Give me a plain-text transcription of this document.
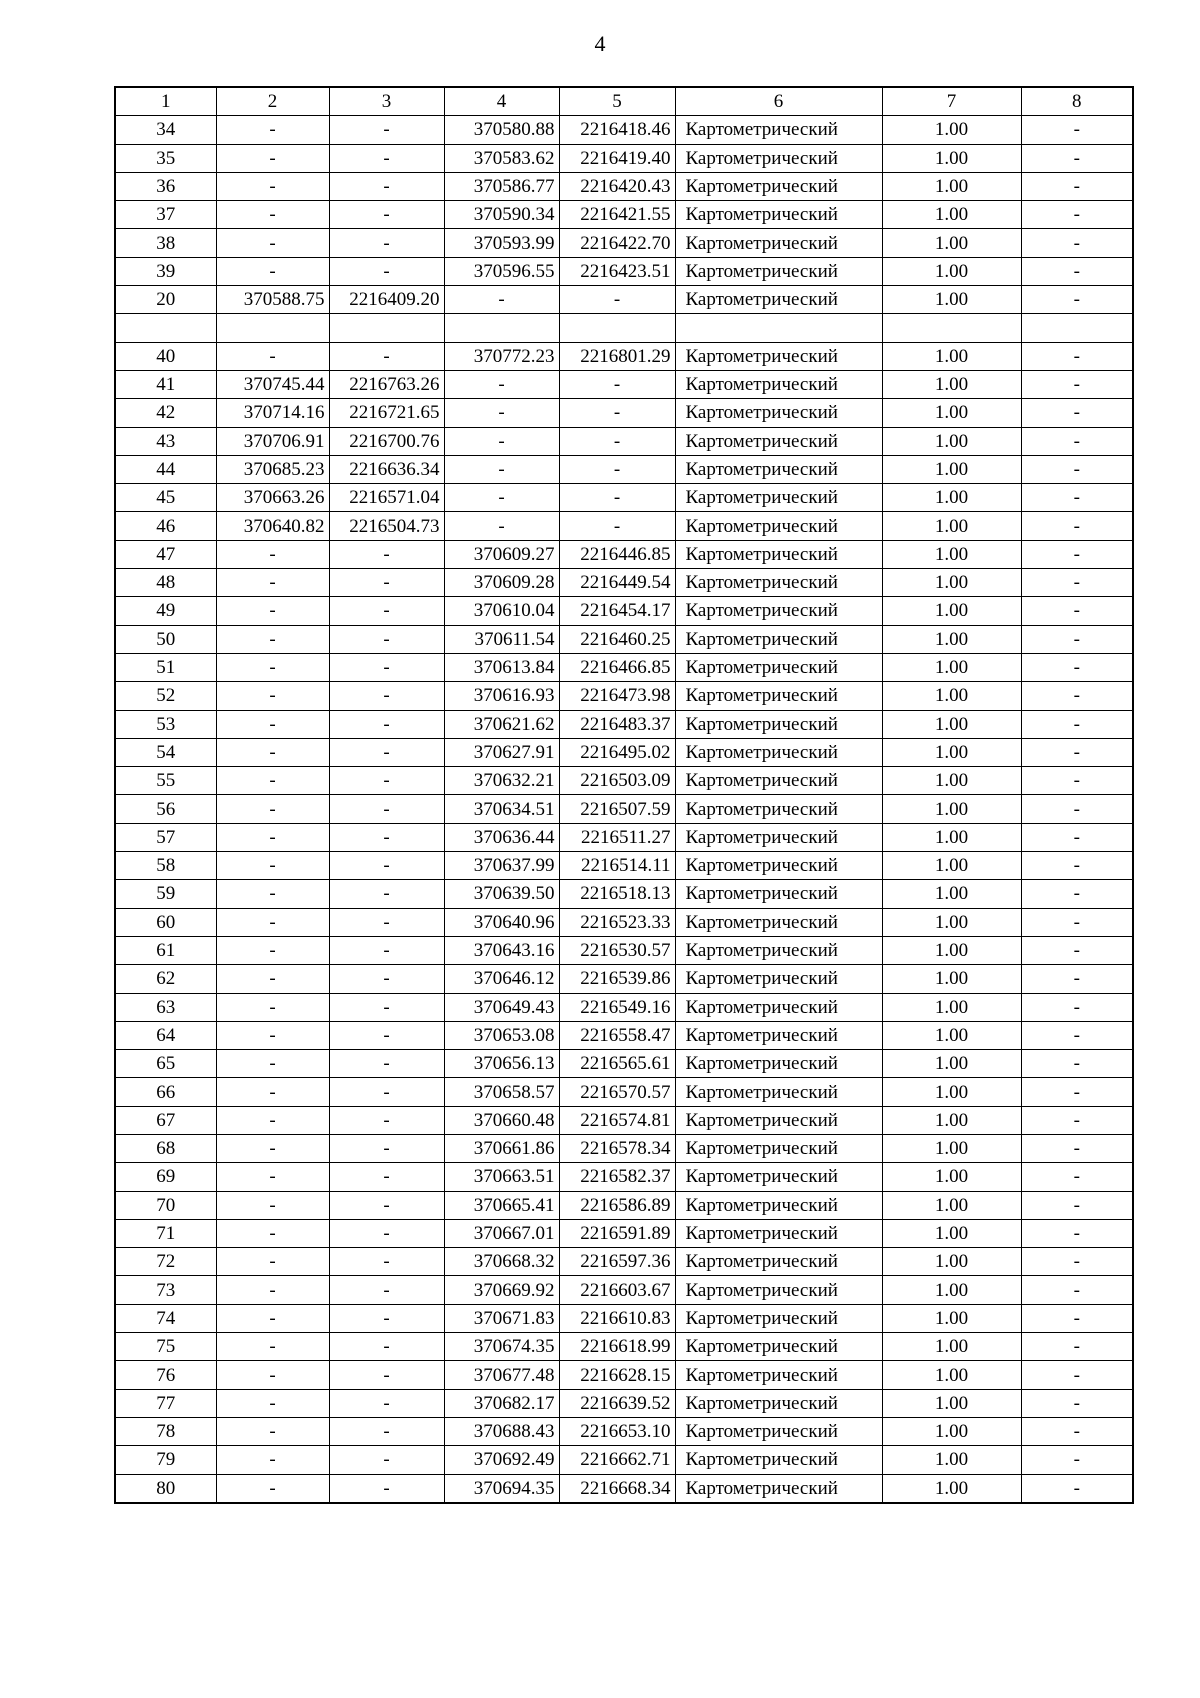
4
1	2	3	4	5	6	7	8
34	-	-	370580.88	2216418.46	Картометрический	1.00	-
35	-	-	370583.62	2216419.40	Картометрический	1.00	-
36	-	-	370586.77	2216420.43	Картометрический	1.00	-
37	-	-	370590.34	2216421.55	Картометрический	1.00	-
38	-	-	370593.99	2216422.70	Картометрический	1.00	-
39	-	-	370596.55	2216423.51	Картометрический	1.00	-
20	370588.75	2216409.20	-	-	Картометрический	1.00	-

40	-	-	370772.23	2216801.29	Картометрический	1.00	-
41	370745.44	2216763.26	-	-	Картометрический	1.00	-
42	370714.16	2216721.65	-	-	Картометрический	1.00	-
43	370706.91	2216700.76	-	-	Картометрический	1.00	-
44	370685.23	2216636.34	-	-	Картометрический	1.00	-
45	370663.26	2216571.04	-	-	Картометрический	1.00	-
46	370640.82	2216504.73	-	-	Картометрический	1.00	-
47	-	-	370609.27	2216446.85	Картометрический	1.00	-
48	-	-	370609.28	2216449.54	Картометрический	1.00	-
49	-	-	370610.04	2216454.17	Картометрический	1.00	-
50	-	-	370611.54	2216460.25	Картометрический	1.00	-
51	-	-	370613.84	2216466.85	Картометрический	1.00	-
52	-	-	370616.93	2216473.98	Картометрический	1.00	-
53	-	-	370621.62	2216483.37	Картометрический	1.00	-
54	-	-	370627.91	2216495.02	Картометрический	1.00	-
55	-	-	370632.21	2216503.09	Картометрический	1.00	-
56	-	-	370634.51	2216507.59	Картометрический	1.00	-
57	-	-	370636.44	2216511.27	Картометрический	1.00	-
58	-	-	370637.99	2216514.11	Картометрический	1.00	-
59	-	-	370639.50	2216518.13	Картометрический	1.00	-
60	-	-	370640.96	2216523.33	Картометрический	1.00	-
61	-	-	370643.16	2216530.57	Картометрический	1.00	-
62	-	-	370646.12	2216539.86	Картометрический	1.00	-
63	-	-	370649.43	2216549.16	Картометрический	1.00	-
64	-	-	370653.08	2216558.47	Картометрический	1.00	-
65	-	-	370656.13	2216565.61	Картометрический	1.00	-
66	-	-	370658.57	2216570.57	Картометрический	1.00	-
67	-	-	370660.48	2216574.81	Картометрический	1.00	-
68	-	-	370661.86	2216578.34	Картометрический	1.00	-
69	-	-	370663.51	2216582.37	Картометрический	1.00	-
70	-	-	370665.41	2216586.89	Картометрический	1.00	-
71	-	-	370667.01	2216591.89	Картометрический	1.00	-
72	-	-	370668.32	2216597.36	Картометрический	1.00	-
73	-	-	370669.92	2216603.67	Картометрический	1.00	-
74	-	-	370671.83	2216610.83	Картометрический	1.00	-
75	-	-	370674.35	2216618.99	Картометрический	1.00	-
76	-	-	370677.48	2216628.15	Картометрический	1.00	-
77	-	-	370682.17	2216639.52	Картометрический	1.00	-
78	-	-	370688.43	2216653.10	Картометрический	1.00	-
79	-	-	370692.49	2216662.71	Картометрический	1.00	-
80	-	-	370694.35	2216668.34	Картометрический	1.00	-
